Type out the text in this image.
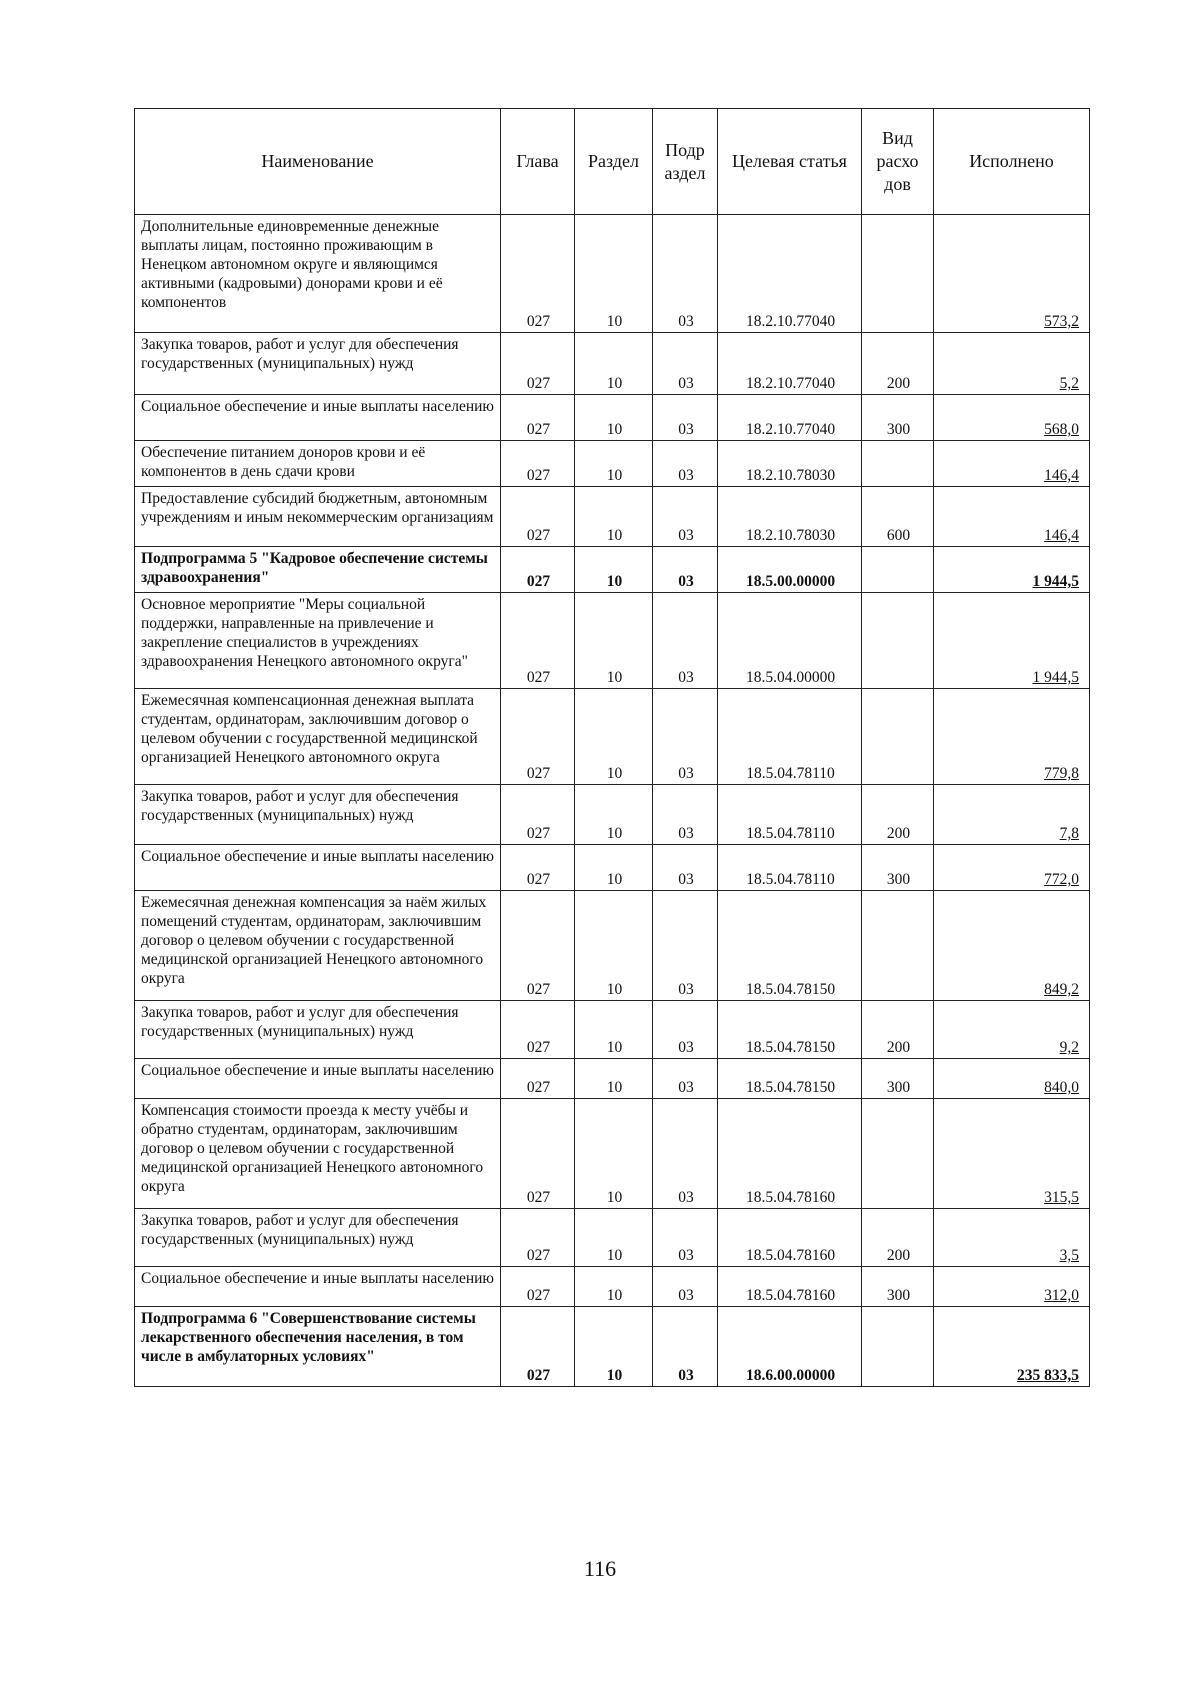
Наименование	Глава	Раздел	Подр аздел	Целевая статья	Вид расхо дов	Исполнено
Дополнительные единовременные денежные выплаты лицам, постоянно проживающим в Ненецком автономном округе и являющимся активными (кадровыми) донорами крови и её компонентов	027	10	03	18.2.10.77040		573,2
Закупка товаров, работ и услуг для обеспечения государственных (муниципальных) нужд	027	10	03	18.2.10.77040	200	5,2
Социальное обеспечение и иные выплаты населению	027	10	03	18.2.10.77040	300	568,0
Обеспечение питанием доноров крови и её компонентов в день сдачи крови	027	10	03	18.2.10.78030		146,4
Предоставление субсидий бюджетным, автономным учреждениям и иным некоммерческим организациям	027	10	03	18.2.10.78030	600	146,4
Подпрограмма 5 "Кадровое обеспечение системы здравоохранения"	027	10	03	18.5.00.00000		1 944,5
Основное мероприятие "Меры социальной поддержки, направленные на привлечение и закрепление специалистов в учреждениях здравоохранения Ненецкого автономного округа"	027	10	03	18.5.04.00000		1 944,5
Ежемесячная компенсационная денежная выплата студентам, ординаторам, заключившим договор о целевом обучении с государственной медицинской организацией Ненецкого автономного округа	027	10	03	18.5.04.78110		779,8
Закупка товаров, работ и услуг для обеспечения государственных (муниципальных) нужд	027	10	03	18.5.04.78110	200	7,8
Социальное обеспечение и иные выплаты населению	027	10	03	18.5.04.78110	300	772,0
Ежемесячная денежная компенсация за наём жилых помещений студентам, ординаторам, заключившим договор о целевом обучении с государственной медицинской организацией Ненецкого автономного округа	027	10	03	18.5.04.78150		849,2
Закупка товаров, работ и услуг для обеспечения государственных (муниципальных) нужд	027	10	03	18.5.04.78150	200	9,2
Социальное обеспечение и иные выплаты населению	027	10	03	18.5.04.78150	300	840,0
Компенсация стоимости проезда к месту учёбы и обратно студентам, ординаторам, заключившим договор о целевом обучении с государственной медицинской организацией Ненецкого автономного округа	027	10	03	18.5.04.78160		315,5
Закупка товаров, работ и услуг для обеспечения государственных (муниципальных) нужд	027	10	03	18.5.04.78160	200	3,5
Социальное обеспечение и иные выплаты населению	027	10	03	18.5.04.78160	300	312,0
Подпрограмма 6 "Совершенствование системы лекарственного обеспечения населения, в том числе в амбулаторных условиях"	027	10	03	18.6.00.00000		235 833,5
116
